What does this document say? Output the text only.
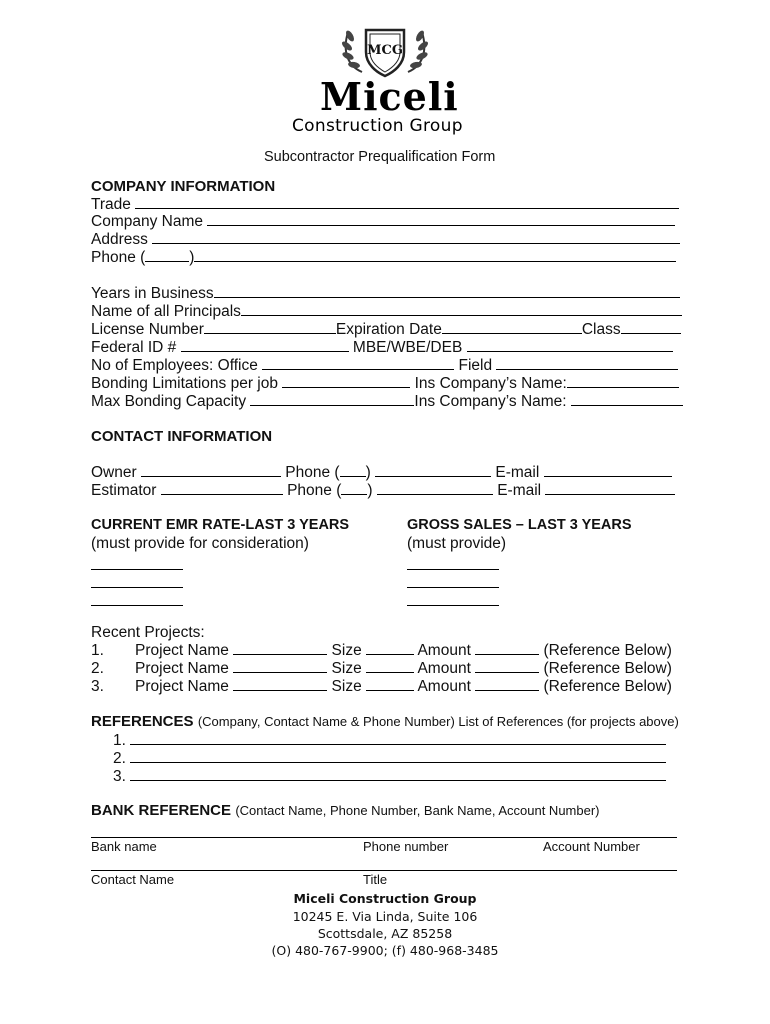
MCG
Miceli
Construction Group
Subcontractor Prequalification Form
COMPANY INFORMATION
Trade
Company Name
Address
Phone (	)
Years in Business
Name of all Principals
License Number	Expiration Date	Class
Federal ID #	MBE/WBE/DEB
No of Employees: Office	Field
Bonding Limitations per job	Ins Company’s Name:
Max Bonding Capacity	Ins Company’s Name:
CONTACT INFORMATION
Owner	Phone ( )	E-mail
Estimator	Phone ( )	E-mail
CURRENT EMR RATE-LAST 3 YEARS
(must provide for consideration)
GROSS SALES – LAST 3 YEARS
(must provide)
Recent Projects:
1. Project Name	Size	Amount	(Reference Below)
2. Project Name	Size	Amount	(Reference Below)
3. Project Name	Size	Amount	(Reference Below)
REFERENCES (Company, Contact Name & Phone Number) List of References (for projects above)
1.
2.
3.
BANK REFERENCE (Contact Name, Phone Number, Bank Name, Account Number)
Bank name	Phone number	Account Number
Contact Name	Title
Miceli Construction Group
10245 E. Via Linda, Suite 106
Scottsdale, AZ 85258
(O) 480-767-9900; (f) 480-968-3485
